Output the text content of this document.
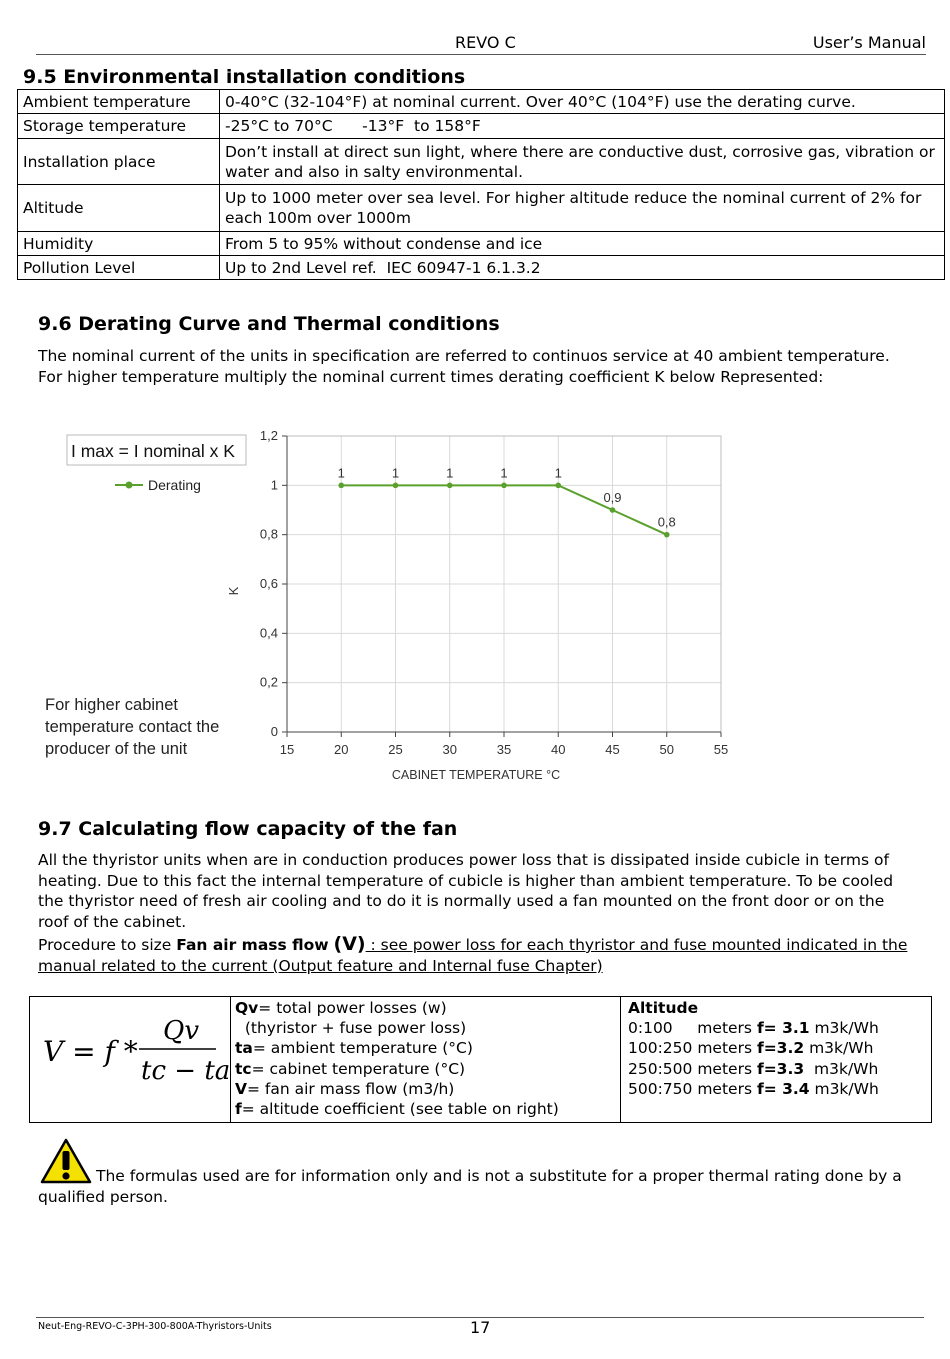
REVO C	User’s Manual
9.5 Environmental installation conditions
Ambient temperature	0-40°C (32-104°F) at nominal current. Over 40°C (104°F) use the derating curve.
Storage temperature	-25°C to 70°C      -13°F  to 158°F
Installation place	Don’t install at direct sun light, where there are conductive dust, corrosive gas, vibration or water and also in salty environmental.
Altitude	Up to 1000 meter over sea level. For higher altitude reduce the nominal current of 2% for each 100m over 1000m
Humidity	From 5 to 95% without condense and ice
Pollution Level	Up to 2nd Level ref.  IEC 60947-1 6.1.3.2
9.6 Derating Curve and Thermal conditions
The nominal current of the units in specification are referred to continuos service at 40 ambient temperature. For higher temperature multiply the nominal current times derating coefficient K below Represented:
I max = I nominal x K
Derating
15	20	25	30	35	40	45	50	55
0
0,2
0,4
0,6
0,8
1
1,2
1	1	1	1	1
0,9
0,8
CABINET TEMPERATURE °C
K
For higher cabinet temperature contact the producer of the unit
9.7 Calculating flow capacity of the fan
All the thyristor units when are in conduction produces power loss that is dissipated inside cubicle in terms of heating. Due to this fact the internal temperature of cubicle is higher than ambient temperature. To be cooled the thyristor need of fresh air cooling and to do it is normally used a fan mounted on the front door or on the roof of the cabinet.
Procedure to size Fan air mass flow (V) : see power loss for each thyristor and fuse mounted indicated in the manual related to the current (Output feature and Internal fuse Chapter)
V = f *
Qv
tc − ta

Qv= total power losses (w)
(thyristor + fuse power loss)
ta= ambient temperature (°C)
tc= cabinet temperature (°C)
V= fan air mass flow (m3/h)
f= altitude coefficient (see table on right)

Altitude
0:100     meters f= 3.1 m3k/Wh
100:250 meters f=3.2 m3k/Wh
250:500 meters f=3.3  m3k/Wh
500:750 meters f= 3.4 m3k/Wh
The formulas used are for information only and is not a substitute for a proper thermal rating done by a qualified person.
Neut-Eng-REVO-C-3PH-300-800A-Thyristors-Units	17
